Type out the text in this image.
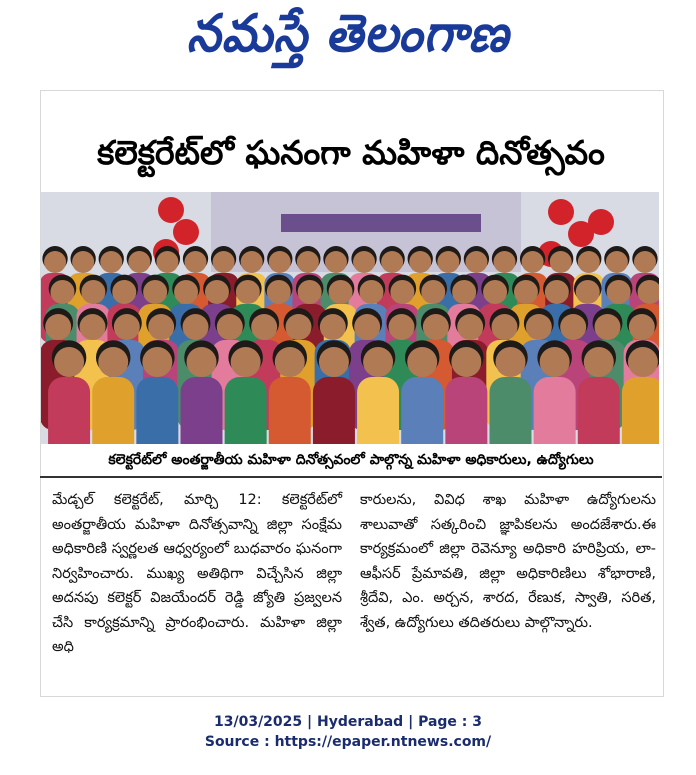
నమస్తే తెలంగాణ
కలెక్టరేట్‌లో ఘనంగా మహిళా దినోత్సవం
కలెక్టరేట్‌లో అంతర్జాతీయ మహిళా దినోత్సవంలో పాల్గొన్న మహిళా అధికారులు, ఉద్యోగులు
మేడ్చల్ కలెక్టరేట్, మార్చి 12: కలెక్టరేట్‌లో అంతర్జాతీయ మహిళా దినోత్సవాన్ని జిల్లా సంక్షేమ అధికారిణి స్వర్ణలత ఆధ్వర్యంలో బుధవారం ఘనంగా నిర్వహించారు. ముఖ్య అతిథిగా విచ్చేసిన జిల్లా అదనపు కలెక్టర్ విజయేందర్ రెడ్డి జ్యోతి ప్రజ్వలన చేసి కార్యక్రమాన్ని ప్రారంభించారు. మహిళా జిల్లా అధి
కారులను, వివిధ శాఖ మహిళా ఉద్యోగులను శాలువాతో సత్కరించి జ్ఞాపికలను అందజేశారు.ఈ కార్యక్రమంలో జిల్లా రెవెన్యూ అధికారి హరిప్రియ, లా-ఆఫీసర్ ప్రేమావతి, జిల్లా అధికారిణిలు శోభారాణి, శ్రీదేవి, ఎం. అర్చన, శారద, రేణుక, స్వాతి, సరిత, శ్వేత, ఉద్యోగులు తదితరులు పాల్గొన్నారు.
13/03/2025 | Hyderabad | Page : 3
Source : https://epaper.ntnews.com/
